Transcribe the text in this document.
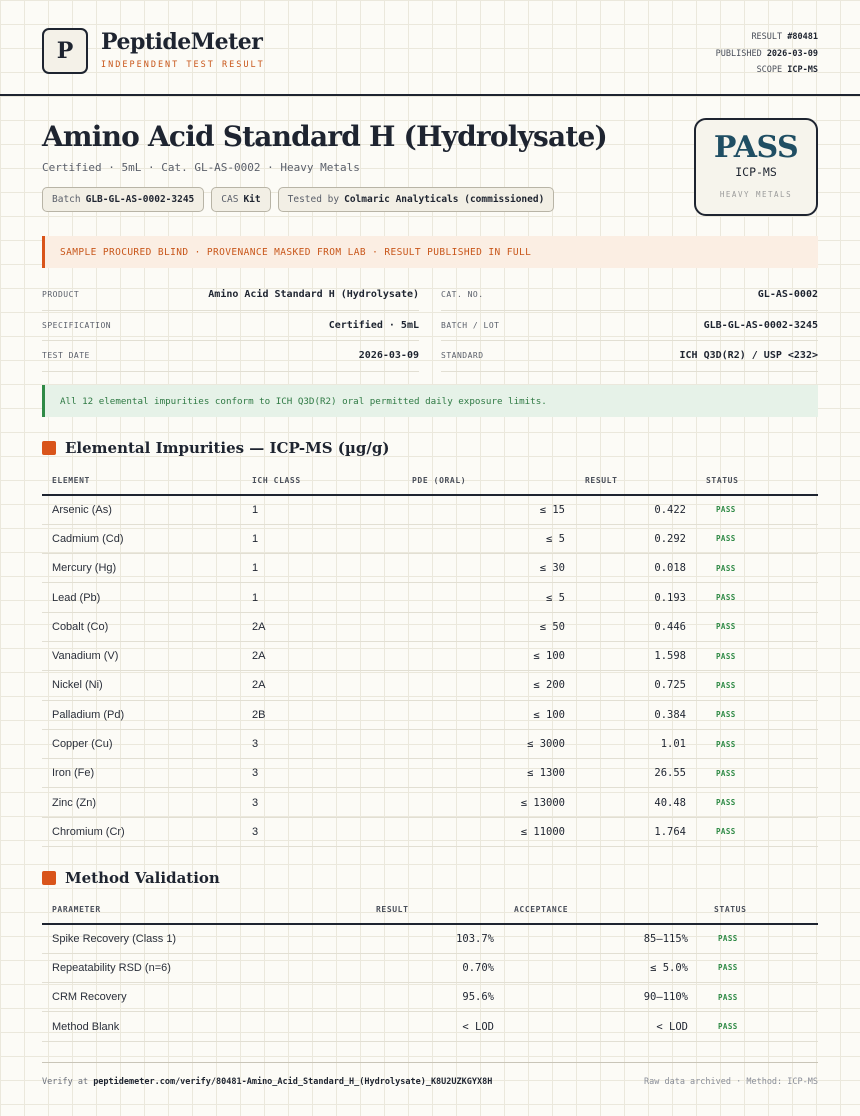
P PeptideMeter
INDEPENDENT TEST RESULT
RESULT #80481
PUBLISHED 2026-03-09
SCOPE ICP-MS
Amino Acid Standard H (Hydrolysate)
Certified · 5mL · Cat. GL-AS-0002 · Heavy Metals
Batch GLB-GL-AS-0002-3245	CAS Kit	Tested by Colmaric Analyticals (commissioned)
PASS
ICP-MS
HEAVY METALS
SAMPLE PROCURED BLIND · PROVENANCE MASKED FROM LAB · RESULT PUBLISHED IN FULL
PRODUCT	Amino Acid Standard H (Hydrolysate)
SPECIFICATION	Certified · 5mL
TEST DATE	2026-03-09
CAT. NO.	GL-AS-0002
BATCH / LOT	GLB-GL-AS-0002-3245
STANDARD	ICH Q3D(R2) / USP <232>
All 12 elemental impurities conform to ICH Q3D(R2) oral permitted daily exposure limits.
Elemental Impurities — ICP-MS (µg/g)
ELEMENT	ICH CLASS	PDE (ORAL)	RESULT	STATUS
Arsenic (As)	1	≤ 15	0.422	PASS
Cadmium (Cd)	1	≤ 5	0.292	PASS
Mercury (Hg)	1	≤ 30	0.018	PASS
Lead (Pb)	1	≤ 5	0.193	PASS
Cobalt (Co)	2A	≤ 50	0.446	PASS
Vanadium (V)	2A	≤ 100	1.598	PASS
Nickel (Ni)	2A	≤ 200	0.725	PASS
Palladium (Pd)	2B	≤ 100	0.384	PASS
Copper (Cu)	3	≤ 3000	1.01	PASS
Iron (Fe)	3	≤ 1300	26.55	PASS
Zinc (Zn)	3	≤ 13000	40.48	PASS
Chromium (Cr)	3	≤ 11000	1.764	PASS
Method Validation
PARAMETER	RESULT	ACCEPTANCE	STATUS
Spike Recovery (Class 1)	103.7%	85–115%	PASS
Repeatability RSD (n=6)	0.70%	≤ 5.0%	PASS
CRM Recovery	95.6%	90–110%	PASS
Method Blank	< LOD	< LOD	PASS
Verify at peptidemeter.com/verify/80481-Amino_Acid_Standard_H_(Hydrolysate)_K8U2UZKGYX8H	Raw data archived · Method: ICP-MS
